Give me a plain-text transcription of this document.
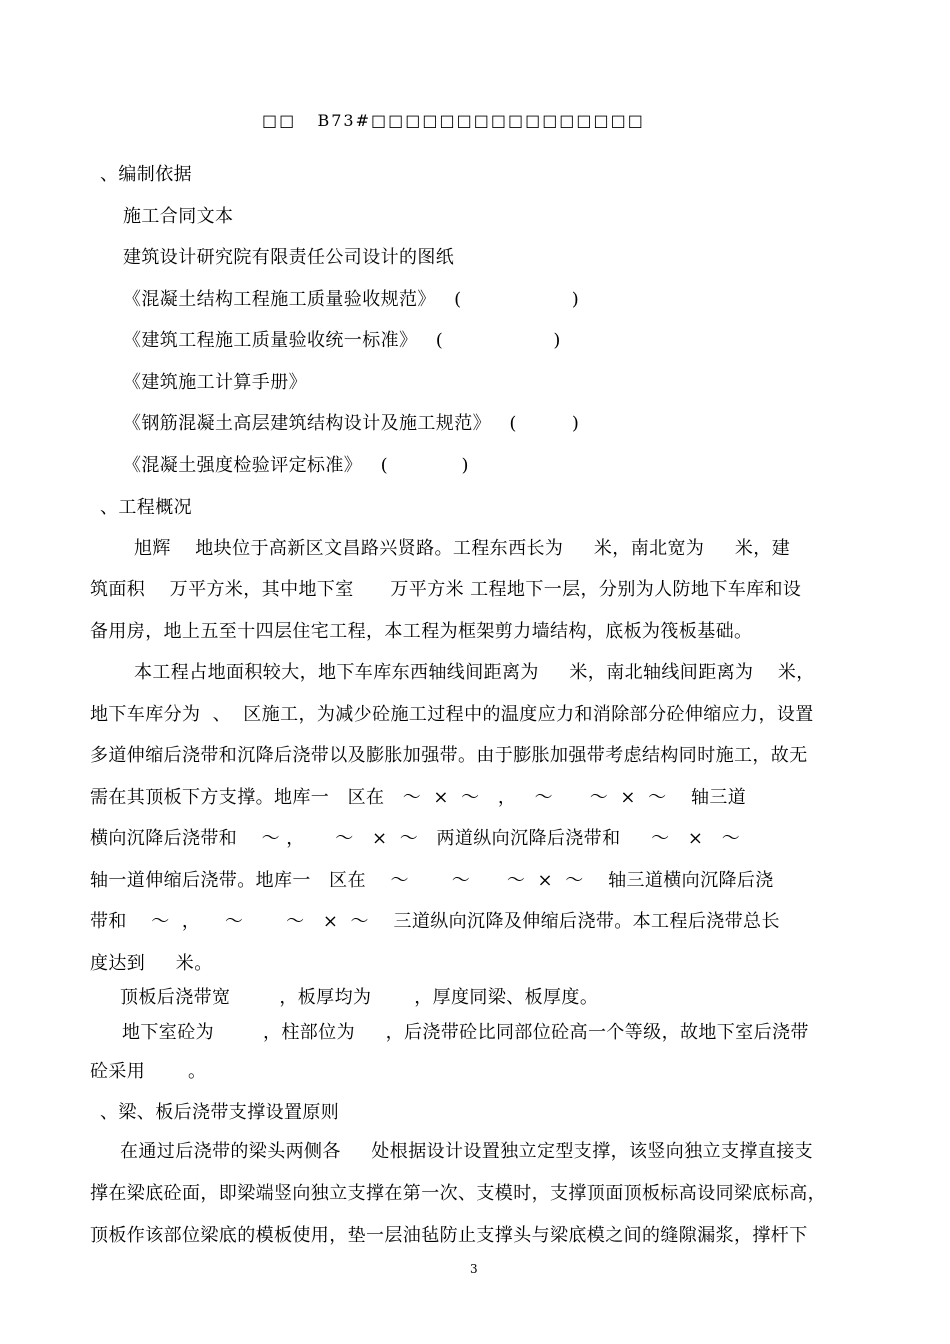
□□   B73#□□□□□□□□□□□□□□□□
、编制依据
施工合同文本
建筑设计研究院有限责任公司设计的图纸
《混凝土结构工程施工质量验收规范》   (                  )
《建筑工程施工质量验收统一标准》   (                  )
《建筑施工计算手册》
《钢筋混凝土高层建筑结构设计及施工规范》   (         )
《混凝土强度检验评定标准》   (            )
、工程概况
旭辉    地块位于高新区文昌路兴贤路。工程东西长为     米，南北宽为     米，建
筑面积    万平方米，其中地下室      万平方米 工程地下一层，分别为人防地下车库和设
备用房，地上五至十四层住宅工程，本工程为框架剪力墙结构，底板为筏板基础。
本工程占地面积较大，地下车库东西轴线间距离为     米，南北轴线间距离为    米，
地下车库分为  、  区施工，为减少砼施工过程中的温度应力和消除部分砼伸缩应力，设置
多道伸缩后浇带和沉降后浇带以及膨胀加强带。由于膨胀加强带考虑结构同时施工，故无
需在其顶板下方支撑。地库一   区在   ～  ×  ～   ，   ～      ～  ×  ～    轴三道
横向沉降后浇带和    ～ ，     ～   ×  ～   两道纵向沉降后浇带和     ～   ×   ～
轴一道伸缩后浇带。地库一   区在    ～       ～      ～  ×  ～    轴三道横向沉降后浇
带和    ～  ，    ～       ～   ×  ～    三道纵向沉降及伸缩后浇带。本工程后浇带总长
度达到     米。
顶板后浇带宽        ，板厚均为       ，厚度同梁、板厚度。
地下室砼为        ，柱部位为     ，后浇带砼比同部位砼高一个等级，故地下室后浇带
砼采用       。
、梁、板后浇带支撑设置原则
在通过后浇带的梁头两侧各     处根据设计设置独立定型支撑，该竖向独立支撑直接支
撑在梁底砼面，即梁端竖向独立支撑在第一次、支模时，支撑顶面顶板标高设同梁底标高，
顶板作该部位梁底的模板使用，垫一层油毡防止支撑头与梁底模之间的缝隙漏浆，撑杆下
3
